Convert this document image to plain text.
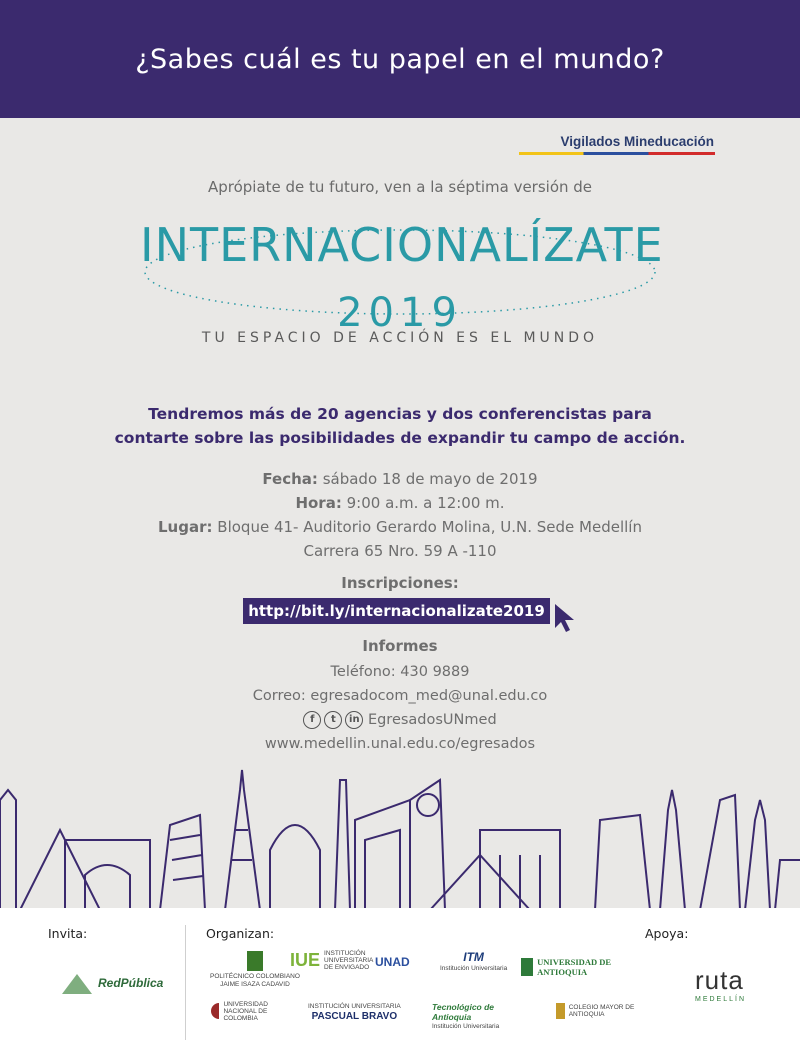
¿Sabes cuál es tu papel en el mundo?
Vigilados Mineducación
Aprópiate de tu futuro, ven a la séptima versión de
INTERNACIONALÍZATE
2019
TU ESPACIO DE ACCIÓN ES EL MUNDO
Tendremos más de 20 agencias y dos conferencistas para
contarte sobre las posibilidades de expandir tu campo de acción.
Fecha: sábado 18 de mayo de 2019
Hora: 9:00 a.m. a 12:00 m.
Lugar: Bloque 41- Auditorio Gerardo Molina, U.N. Sede Medellín
Carrera 65 Nro. 59 A -110
Inscripciones:
http://bit.ly/internacionalizate2019
Informes
Teléfono: 430 9889
Correo: egresadocom_med@unal.edu.co
f	t	in EgresadosUNmed
www.medellin.unal.edu.co/egresados
Invita:	Organizan:	Apoya:
RedPública	POLITÉCNICO COLOMBIANO
JAIME ISAZA CADAVID
IUE INSTITUCIÓN UNIVERSITARIA DE ENVIGADO UNAD	ITM
Institución Universitaria
UNIVERSIDAD DE ANTIOQUIA
UNIVERSIDAD NACIONAL DE COLOMBIA
INSTITUCIÓN UNIVERSITARIA
PASCUAL BRAVO
Tecnológico de Antioquia
Institución Universitaria
COLEGIO MAYOR DE ANTIOQUIA
ruta
MEDELLÍN
